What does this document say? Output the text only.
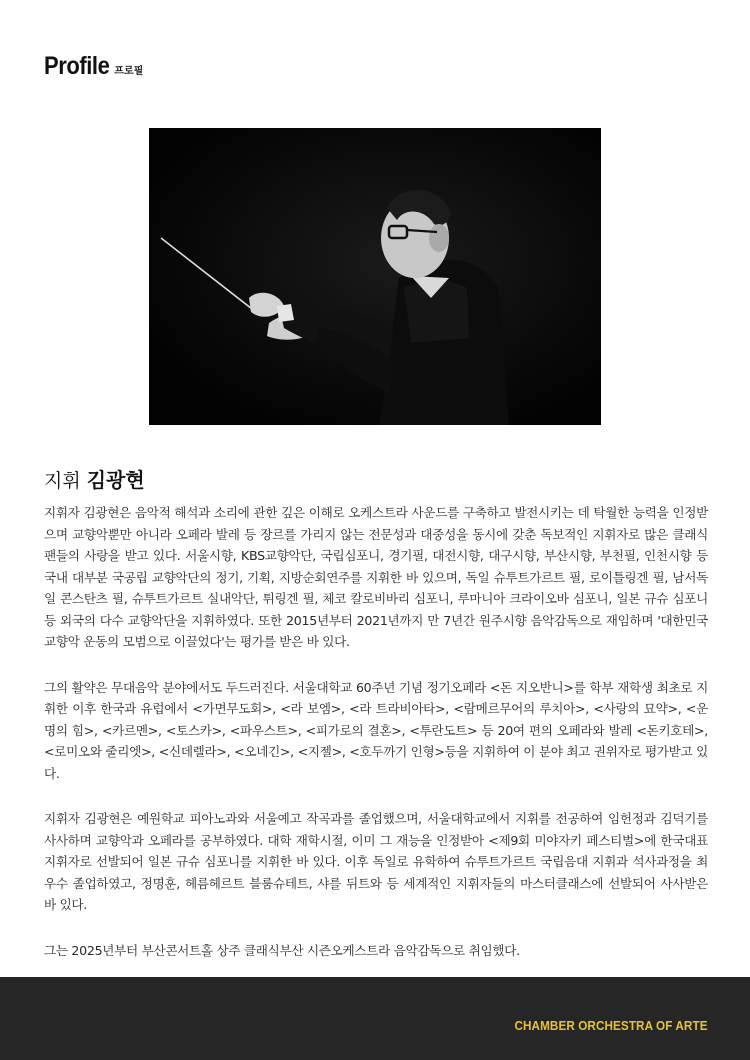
Profile 프로필
지휘 김광현

지휘자 김광현은 음악적 해석과 소리에 관한 깊은 이해로 오케스트라 사운드를 구축하고 발전시키는 데 탁월한 능력을 인정받으며 교향악뿐만 아니라 오페라 발레 등 장르를 가리지 않는 전문성과 대중성을 동시에 갖춘 독보적인 지휘자로 많은 클래식 팬들의 사랑을 받고 있다. 서울시향, KBS교향악단, 국립심포니, 경기필, 대전시향, 대구시향, 부산시향, 부천필, 인천시향 등 국내 대부분 국공립 교향악단의 정기, 기획, 지방순회연주를 지휘한 바 있으며, 독일 슈투트가르트 필, 로이틀링겐 필, 남서독일 콘스탄츠 필, 슈투트가르트 실내악단, 튀링겐 필, 체코 칼로비바리 심포니, 루마니아 크라이오바 심포니, 일본 규슈 심포니 등 외국의 다수 교향악단을 지휘하였다. 또한 2015년부터 2021년까지 만 7년간 원주시향 음악감독으로 재임하며 '대한민국 교향악 운동의 모범으로 이끌었다'는 평가를 받은 바 있다.

그의 활약은 무대음악 분야에서도 두드러진다. 서울대학교 60주년 기념 정기오페라 <돈 지오반니>를 학부 재학생 최초로 지휘한 이후 한국과 유럽에서 <가면무도회>, <라 보엠>, <라 트라비아타>, <람메르무어의 루치아>, <사랑의 묘약>, <운명의 힘>, <카르멘>, <토스카>, <파우스트>, <피가로의 결혼>, <투란도트> 등 20여 편의 오페라와 발레 <돈키호테>, <로미오와 줄리엣>, <신데렐라>, <오네긴>, <지젤>, <호두까기 인형>등을 지휘하여 이 분야 최고 권위자로 평가받고 있다.

지휘자 김광현은 예원학교 피아노과와 서울예고 작곡과를 졸업했으며, 서울대학교에서 지휘를 전공하여 임헌정과 김덕기를 사사하며 교향악과 오페라를 공부하였다. 대학 재학시절, 이미 그 재능을 인정받아 <제9회 미야자키 페스티벌>에 한국대표 지휘자로 선발되어 일본 규슈 심포니를 지휘한 바 있다. 이후 독일로 유학하여 슈투트가르트 국립음대 지휘과 석사과정을 최우수 졸업하였고, 정명훈, 헤름헤르트 블룸슈테트, 샤를 뒤트와 등 세계적인 지휘자들의 마스터클래스에 선발되어 사사받은 바 있다.

그는 2025년부터 부산콘서트홀 상주 클래식부산 시즌오케스트라 음악감독으로 취임했다.

CHAMBER ORCHESTRA OF ARTE
